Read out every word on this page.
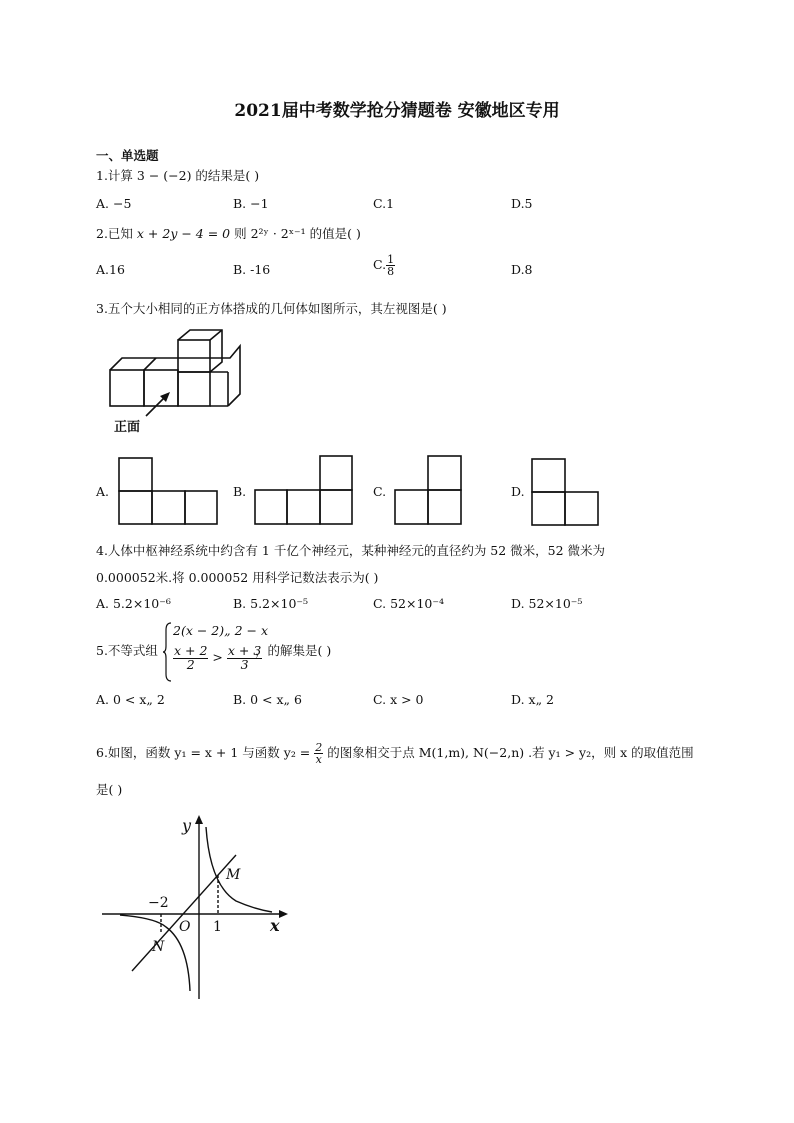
2021届中考数学抢分猜题卷 安徽地区专用
一、单选题
1.计算 3 − (−2) 的结果是( )
A. −5	B. −1	C.1	D.5
2.已知 x + 2y − 4 = 0 则 2²ʸ · 2ˣ⁻¹ 的值是( )
A.16	B. -16	C. $\frac{1}{8}$	D.8
3.五个大小相同的正方体搭成的几何体如图所示，其左视图是( )
正面
A.	B.	C.	D.
4.人体中枢神经系统中约含有 1 千亿个神经元，某种神经元的直径约为 52 微米，52 微米为
0.000052米.将 0.000052 用科学记数法表示为( )
A. 5.2×10⁻⁶	B. 5.2×10⁻⁵	C. 52×10⁻⁴	D. 52×10⁻⁵
5.不等式组
2(x − 2)„ 2 − x
$\frac{x + 2}{2} > \frac{x + 3}{3}$
，的解集是( )
A. 0 < x„ 2	B. 0 < x„ 6	C. x > 0	D. x„ 2
6.如图，函数 y₁ = x + 1 与函数 $y_2 = \frac{2}{x}$ 的图象相交于点 M(1,m), N(−2,n) .若 y₁ > y₂，则 x 的取值范围
是( )
x
y
O
−2
1
M
N
